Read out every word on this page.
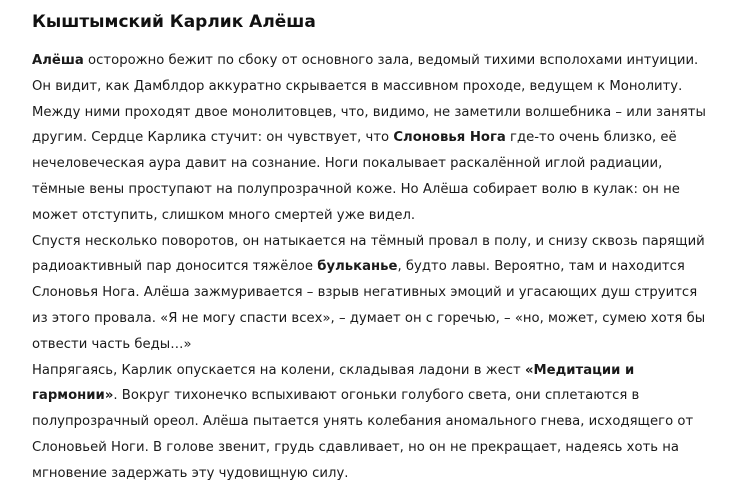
Кыштымский Карлик Алёша

Алёша осторожно бежит по сбоку от основного зала, ведомый тихими всполохами интуиции. Он видит, как Дамблдор аккуратно скрывается в массивном проходе, ведущем к Монолиту. Между ними проходят двое монолитовцев, что, видимо, не заметили волшебника – или заняты другим. Сердце Карлика стучит: он чувствует, что Слоновья Нога где-то очень близко, её нечеловеческая аура давит на сознание. Ноги покалывает раскалённой иглой радиации, тёмные вены проступают на полупрозрачной коже. Но Алёша собирает волю в кулак: он не может отступить, слишком много смертей уже видел.

Спустя несколько поворотов, он натыкается на тёмный провал в полу, и снизу сквозь парящий радиоактивный пар доносится тяжёлое бульканье, будто лавы. Вероятно, там и находится Слоновья Нога. Алёша зажмуривается – взрыв негативных эмоций и угасающих душ струится из этого провала. «Я не могу спасти всех», – думает он с горечью, – «но, может, сумею хотя бы отвести часть беды…»

Напрягаясь, Карлик опускается на колени, складывая ладони в жест «Медитации и гармонии». Вокруг тихонечко вспыхивают огоньки голубого света, они сплетаются в полупрозрачный ореол. Алёша пытается унять колебания аномального гнева, исходящего от Слоновьей Ноги. В голове звенит, грудь сдавливает, но он не прекращает, надеясь хоть на мгновение задержать эту чудовищную силу.
